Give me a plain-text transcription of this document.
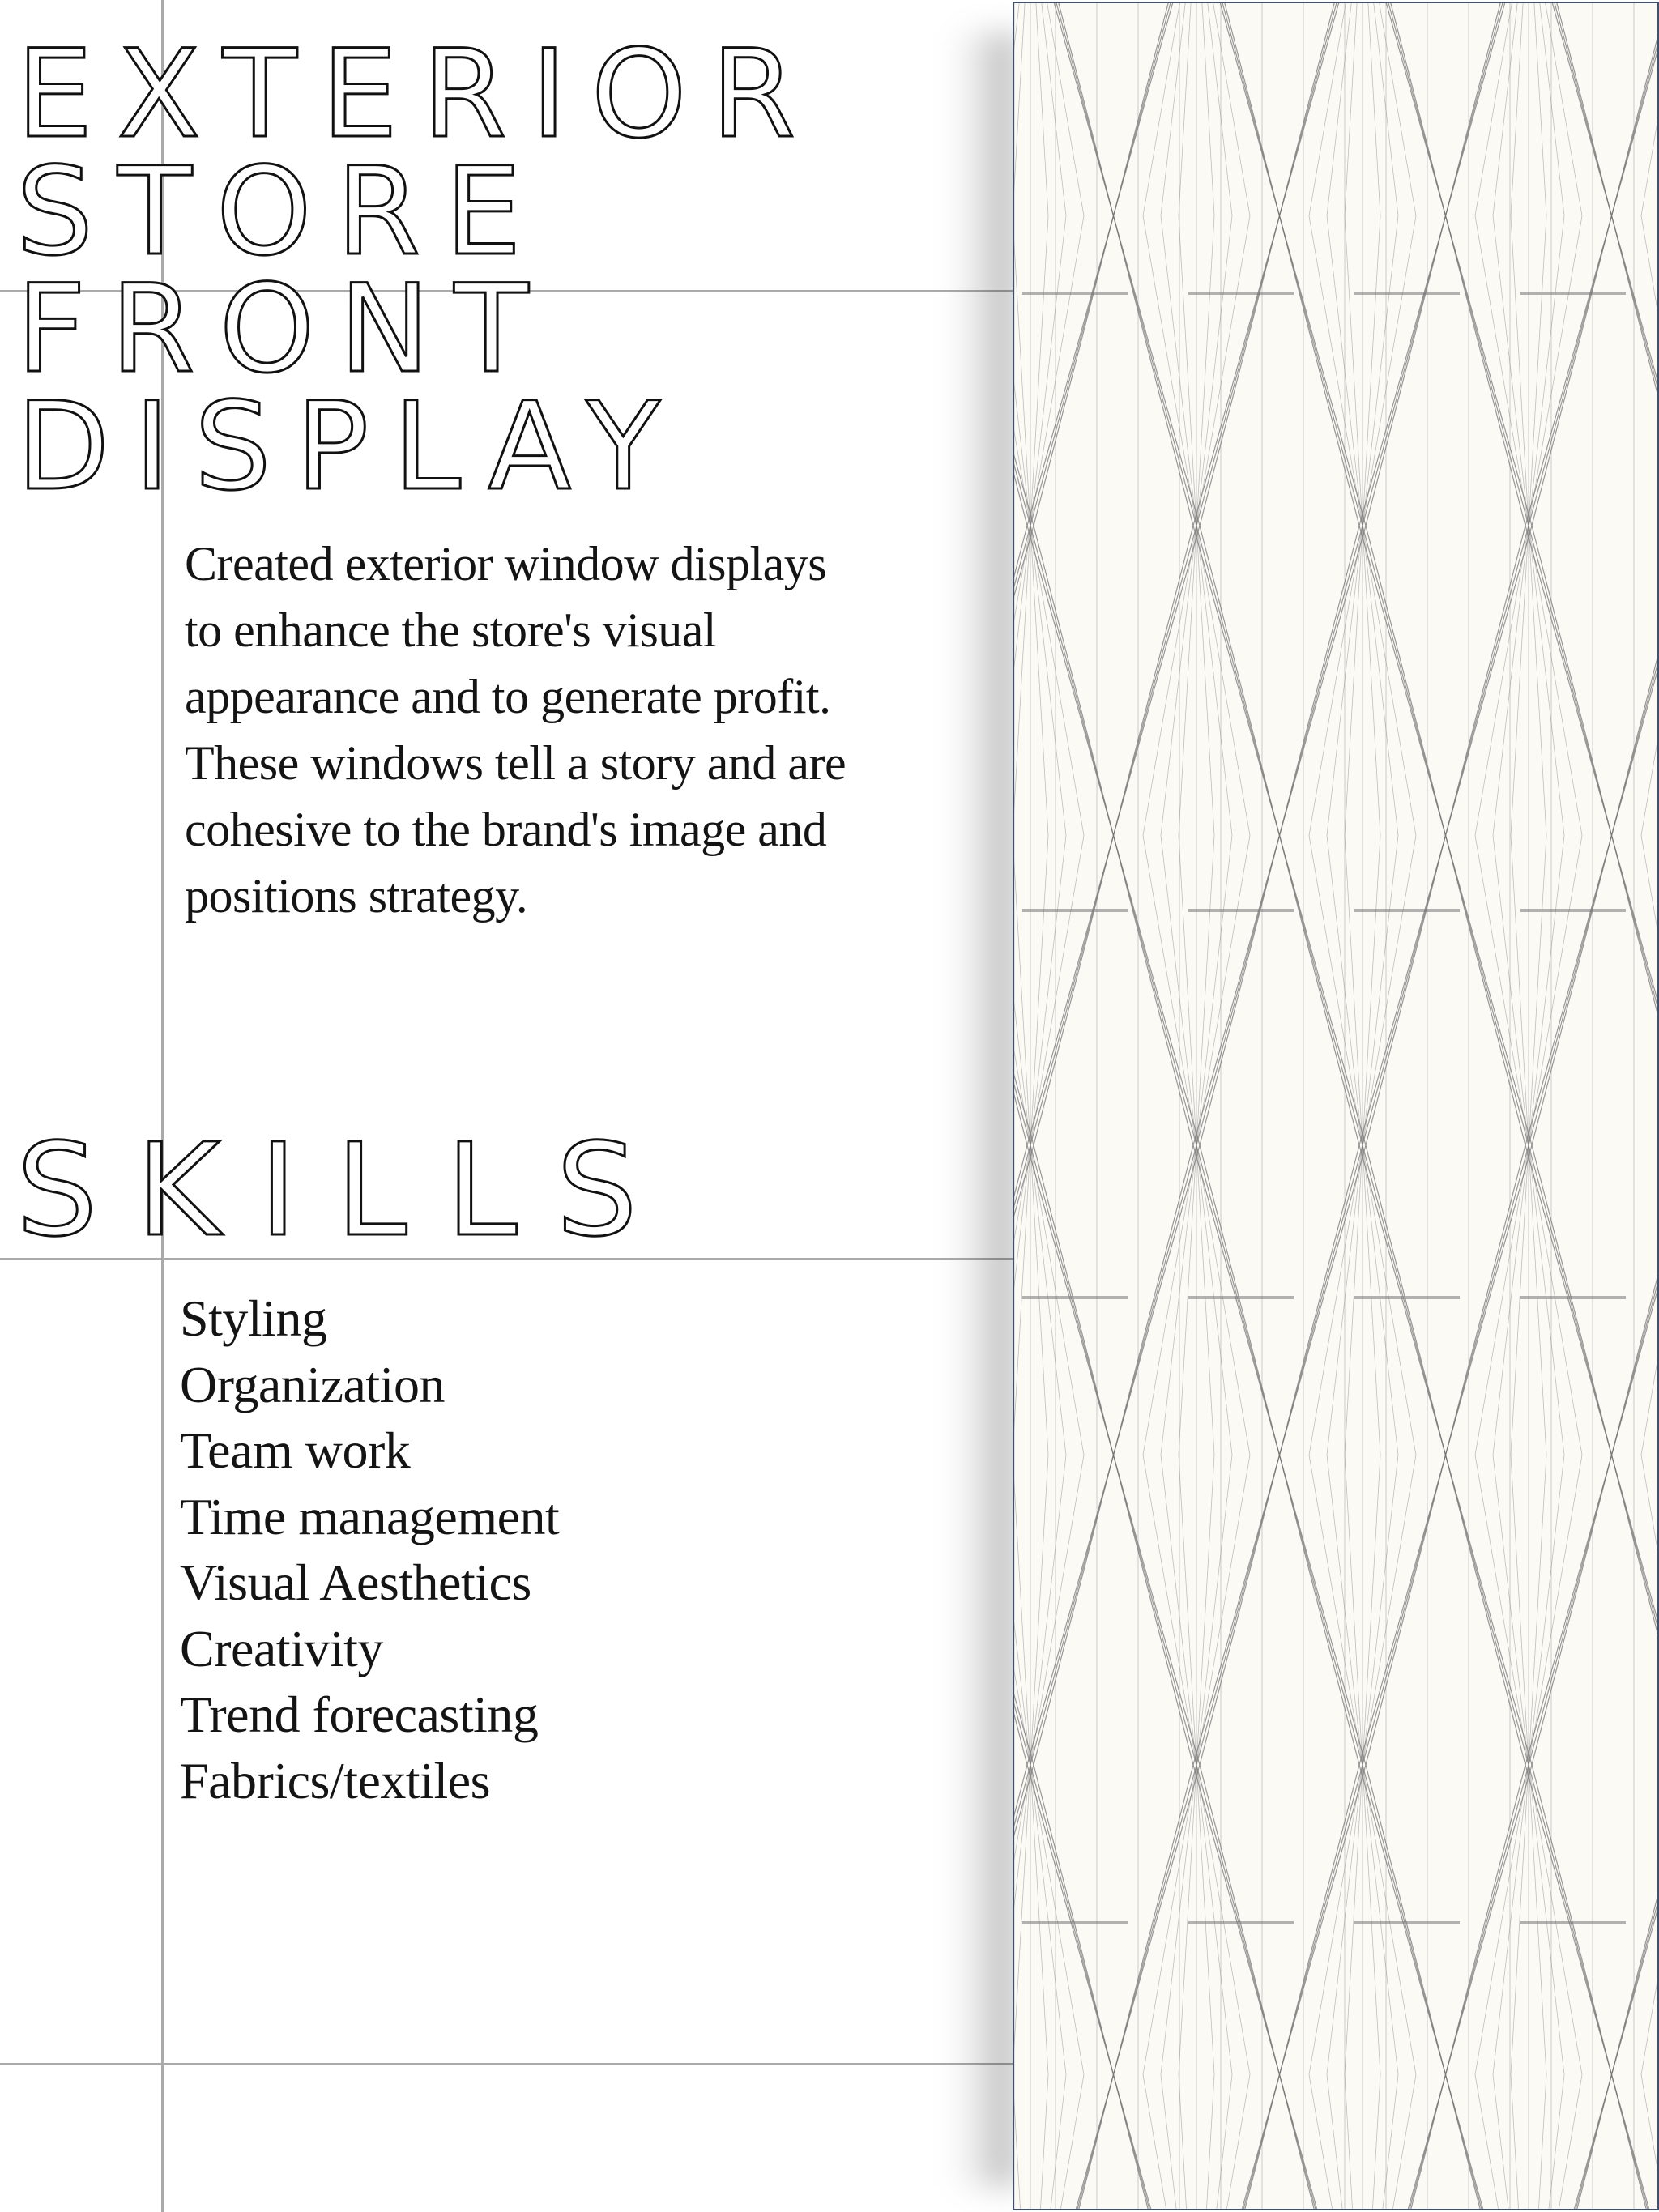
EXTERIOR
STORE
FRONT
DISPLAY

Created exterior window displays to enhance the store's visual appearance and to generate profit. These windows tell a story and are cohesive to the brand's image and positions strategy.

SKILLS
Styling
Organization
Team work
Time management
Visual Aesthetics
Creativity
Trend forecasting
Fabrics/textiles
